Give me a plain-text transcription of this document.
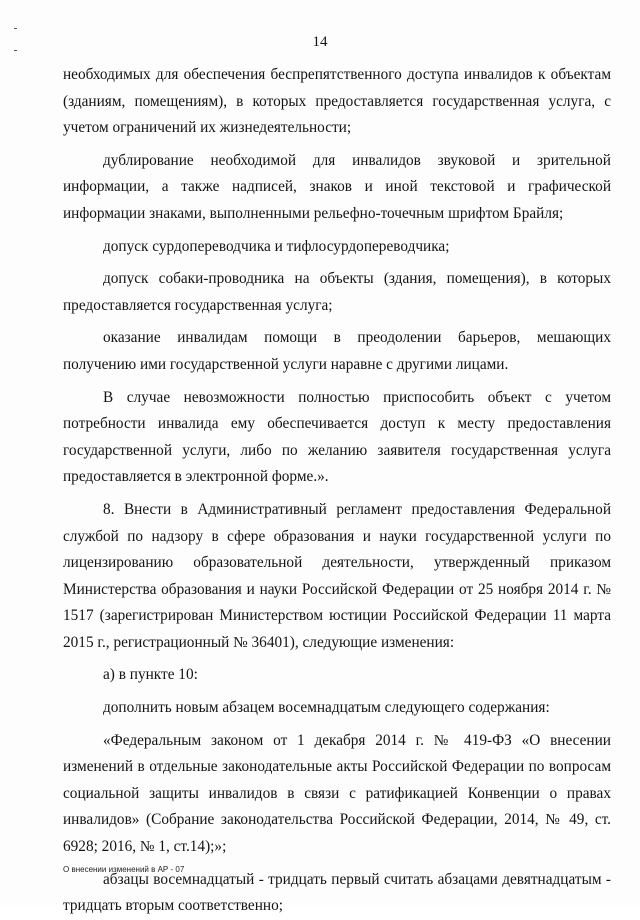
14

необходимых для обеспечения беспрепятственного доступа инвалидов к объектам (зданиям, помещениям), в которых предоставляется государственная услуга, с учетом ограничений их жизнедеятельности;

дублирование необходимой для инвалидов звуковой и зрительной информации, а также надписей, знаков и иной текстовой и графической информации знаками, выполненными рельефно-точечным шрифтом Брайля;

допуск сурдопереводчика и тифлосурдопереводчика;

допуск собаки-проводника на объекты (здания, помещения), в которых предоставляется государственная услуга;

оказание инвалидам помощи в преодолении барьеров, мешающих получению ими государственной услуги наравне с другими лицами.

В случае невозможности полностью приспособить объект с учетом потребности инвалида ему обеспечивается доступ к месту предоставления государственной услуги, либо по желанию заявителя государственная услуга предоставляется в электронной форме.».

8. Внести в Административный регламент предоставления Федеральной службой по надзору в сфере образования и науки государственной услуги по лицензированию образовательной деятельности, утвержденный приказом Министерства образования и науки Российской Федерации от 25 ноября 2014 г. № 1517 (зарегистрирован Министерством юстиции Российской Федерации 11 марта 2015 г., регистрационный № 36401), следующие изменения:

а) в пункте 10:

дополнить новым абзацем восемнадцатым следующего содержания:

«Федеральным законом от 1 декабря 2014 г. № 419-ФЗ «О внесении изменений в отдельные законодательные акты Российской Федерации по вопросам социальной защиты инвалидов в связи с ратификацией Конвенции о правах инвалидов» (Собрание законодательства Российской Федерации, 2014, № 49, ст. 6928; 2016, № 1, ст.14);»;

абзацы восемнадцатый - тридцать первый считать абзацами девятнадцатым - тридцать вторым соответственно;

О внесении изменений в АР - 07
